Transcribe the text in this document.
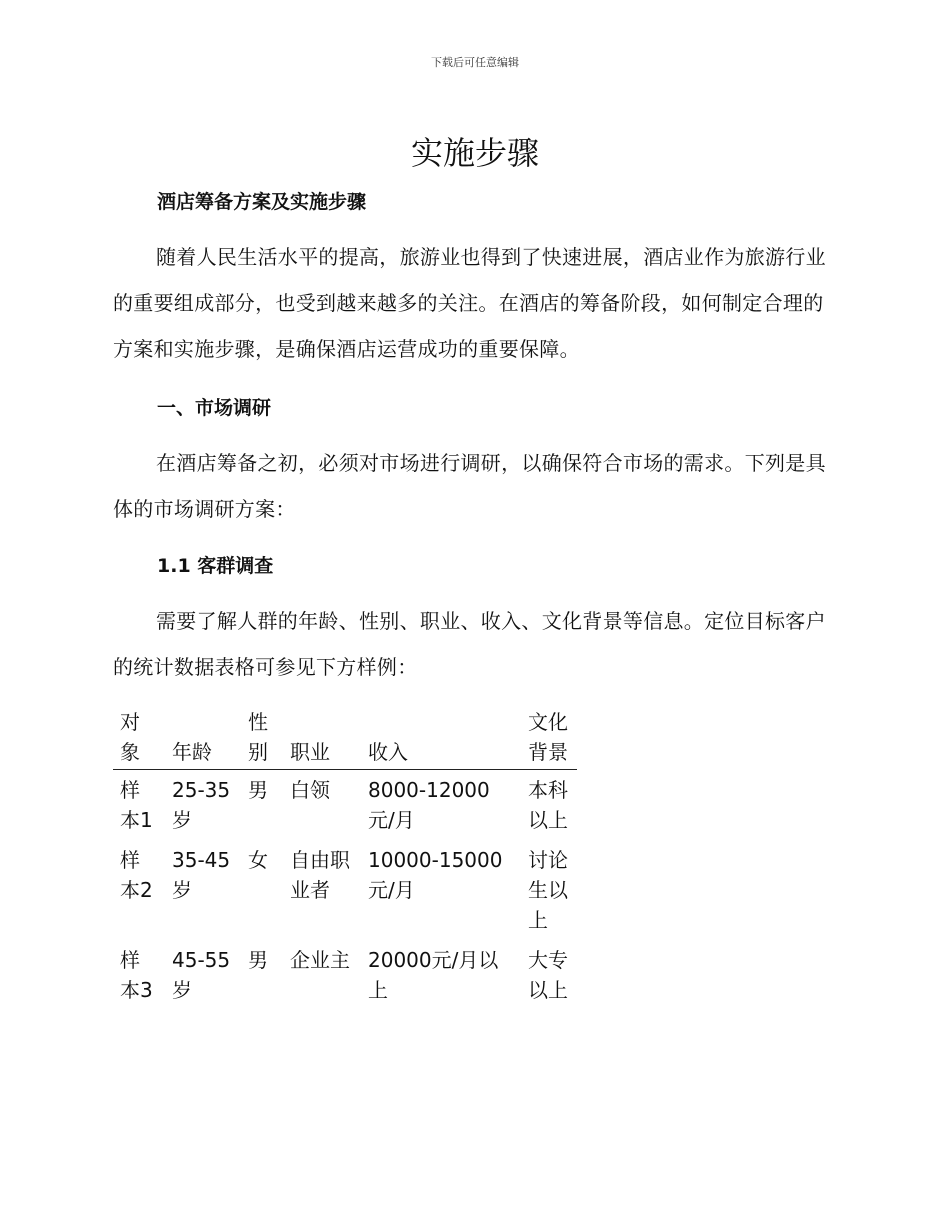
下载后可任意编辑
实施步骤
酒店筹备方案及实施步骤

随着人民生活水平的提高，旅游业也得到了快速进展，酒店业作为旅游行业的重要组成部分，也受到越来越多的关注。在酒店的筹备阶段，如何制定合理的方案和实施步骤，是确保酒店运营成功的重要保障。

一、市场调研

在酒店筹备之初，必须对市场进行调研，以确保符合市场的需求。下列是具体的市场调研方案：

1.1 客群调查

需要了解人群的年龄、性别、职业、收入、文化背景等信息。定位目标客户的统计数据表格可参见下方样例：

对象	年龄	性别	职业	收入	文化背景
样本1	25-35岁	男	白领	8000-12000元/月	本科以上
样本2	35-45岁	女	自由职业者	10000-15000元/月	讨论生以上
样本3	45-55岁	男	企业主	20000元/月以上	大专以上
